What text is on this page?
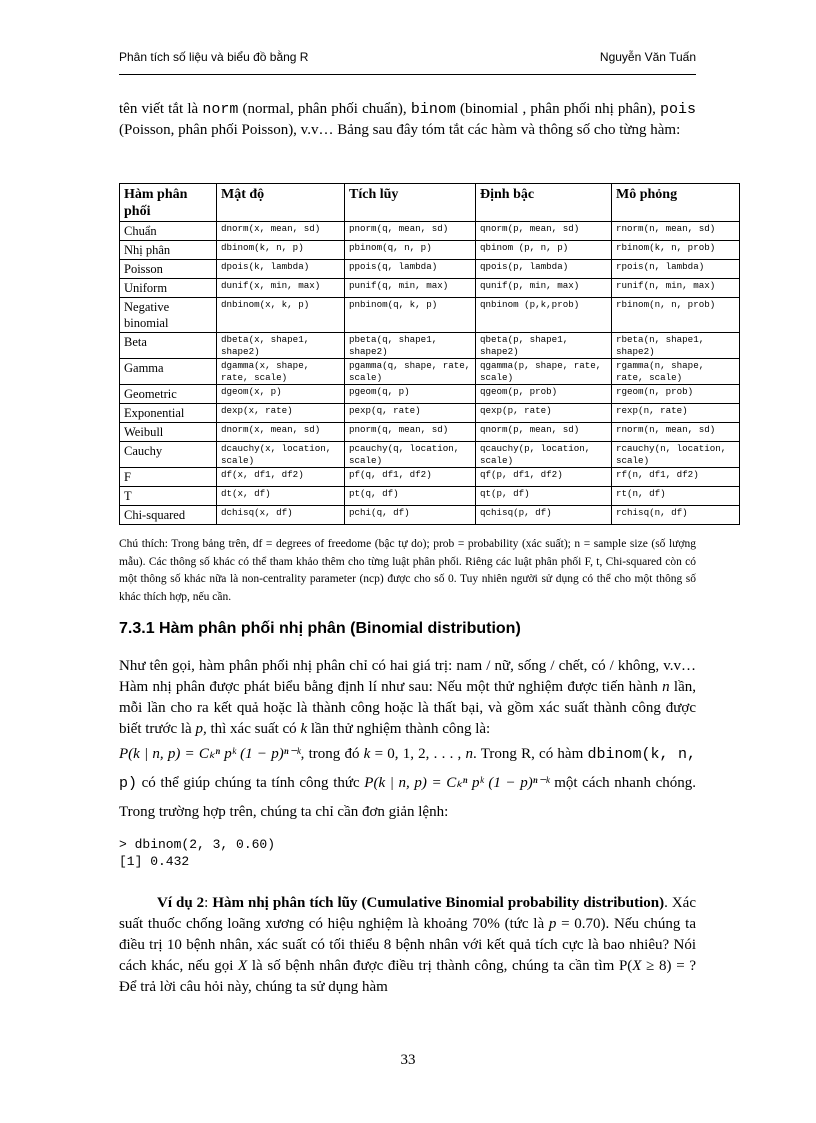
Phân tích số liệu và biểu đồ bằng R	Nguyễn Văn Tuấn

tên viết tắt là norm (normal, phân phối chuẩn), binom (binomial , phân phối nhị phân), pois (Poisson, phân phối Poisson), v.v… Bảng sau đây tóm tắt các hàm và thông số cho từng hàm:

Hàm phân phối	Mật độ	Tích lũy	Định bậc	Mô phỏng
Chuẩn	dnorm(x, mean, sd)	pnorm(q, mean, sd)	qnorm(p, mean, sd)	rnorm(n, mean, sd)
Nhị phân	dbinom(k, n, p)	pbinom(q, n, p)	qbinom (p, n, p)	rbinom(k, n, prob)
Poisson	dpois(k, lambda)	ppois(q, lambda)	qpois(p, lambda)	rpois(n, lambda)
Uniform	dunif(x, min, max)	punif(q, min, max)	qunif(p, min, max)	runif(n, min, max)
Negative binomial	dnbinom(x, k, p)	pnbinom(q, k, p)	qnbinom (p,k,prob)	rbinom(n, n, prob)
Beta	dbeta(x, shape1, shape2)	pbeta(q, shape1, shape2)	qbeta(p, shape1, shape2)	rbeta(n, shape1, shape2)
Gamma	dgamma(x, shape, rate, scale)	pgamma(q, shape, rate, scale)	qgamma(p, shape, rate, scale)	rgamma(n, shape, rate, scale)
Geometric	dgeom(x, p)	pgeom(q, p)	qgeom(p, prob)	rgeom(n, prob)
Exponential	dexp(x, rate)	pexp(q, rate)	qexp(p, rate)	rexp(n, rate)
Weibull	dnorm(x, mean, sd)	pnorm(q, mean, sd)	qnorm(p, mean, sd)	rnorm(n, mean, sd)
Cauchy	dcauchy(x, location, scale)	pcauchy(q, location, scale)	qcauchy(p, location, scale)	rcauchy(n, location, scale)
F	df(x, df1, df2)	pf(q, df1, df2)	qf(p, df1, df2)	rf(n, df1, df2)
T	dt(x, df)	pt(q, df)	qt(p, df)	rt(n, df)
Chi-squared	dchisq(x, df)	pchi(q, df)	qchisq(p, df)	rchisq(n, df)

Chú thích: Trong bảng trên, df = degrees of freedome (bậc tự do); prob = probability (xác suất); n = sample size (số lượng mẫu). Các thông số khác có thể tham khảo thêm cho từng luật phân phối. Riêng các luật phân phối F, t, Chi-squared còn có một thông số khác nữa là non-centrality parameter (ncp) được cho số 0. Tuy nhiên người sử dụng có thể cho một thông số khác thích hợp, nếu cần.

7.3.1 Hàm phân phối nhị phân (Binomial distribution)

Như tên gọi, hàm phân phối nhị phân chỉ có hai giá trị: nam / nữ, sống / chết, có / không, v.v… Hàm nhị phân được phát biểu bằng định lí như sau: Nếu một thử nghiệm được tiến hành n lần, mỗi lần cho ra kết quả hoặc là thành công hoặc là thất bại, và gồm xác suất thành công được biết trước là p, thì xác suất có k lần thử nghiệm thành công là:

P(k | n, p) = Cₖⁿ pᵏ (1 − p)ⁿ⁻ᵏ, trong đó k = 0, 1, 2, . . . , n. Trong R, có hàm dbinom(k, n, p) có thể giúp chúng ta tính công thức P(k | n, p) = Cₖⁿ pᵏ (1 − p)ⁿ⁻ᵏ một cách nhanh chóng. Trong trường hợp trên, chúng ta chỉ cần đơn giản lệnh:

> dbinom(2, 3, 0.60)
[1] 0.432

Ví dụ 2: Hàm nhị phân tích lũy (Cumulative Binomial probability distribution). Xác suất thuốc chống loãng xương có hiệu nghiệm là khoảng 70% (tức là p = 0.70). Nếu chúng ta điều trị 10 bệnh nhân, xác suất có tối thiểu 8 bệnh nhân với kết quả tích cực là bao nhiêu? Nói cách khác, nếu gọi X là số bệnh nhân được điều trị thành công, chúng ta cần tìm P(X ≥ 8) = ? Để trả lời câu hỏi này, chúng ta sử dụng hàm

33
